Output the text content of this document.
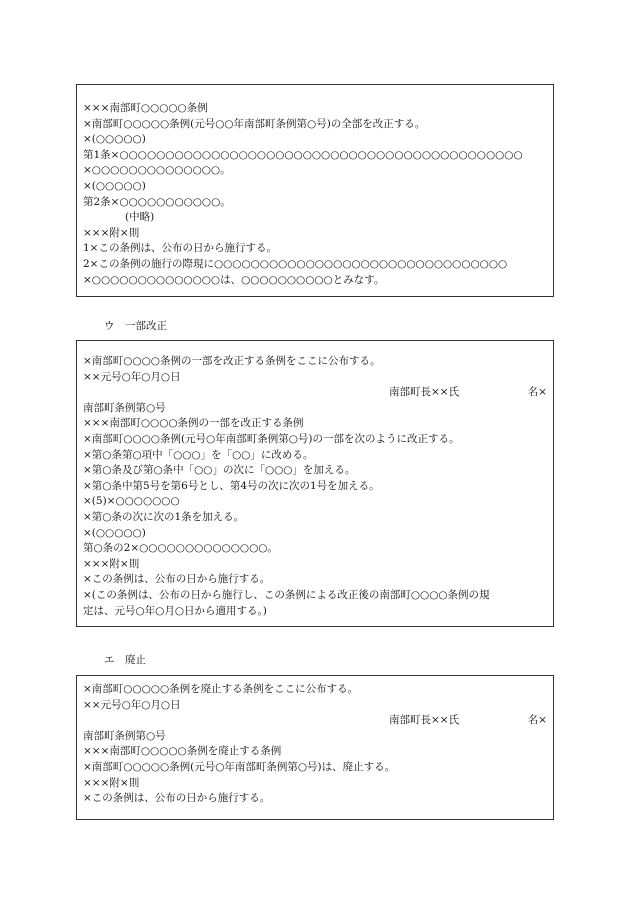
×××南部町○○○○○条例
×南部町○○○○○条例(元号○○年南部町条例第○号)の全部を改正する。
×(○○○○○)
第1条×○○○○○○○○○○○○○○○○○○○○○○○○○○○○○○○○○○○○○○○○○○○○
×○○○○○○○○○○○○○○。
×(○○○○○)
第2条×○○○○○○○○○○○。
(中略)
×××附×則
1×この条例は、公布の日から施行する。
2×この条例の施行の際現に○○○○○○○○○○○○○○○○○○○○○○○○○○○○○○○○
×○○○○○○○○○○○○○○は、○○○○○○○○○○とみなす。
ウ　一部改正
×南部町○○○○条例の一部を改正する条例をここに公布する。
××元号○年○月○日
南部町長××氏	名×
南部町条例第○号
×××南部町○○○○条例の一部を改正する条例
×南部町○○○○条例(元号○年南部町条例第○号)の一部を次のように改正する。
×第○条第○項中「○○○」を「○○」に改める。
×第○条及び第○条中「○○」の次に「○○○」を加える。
×第○条中第5号を第6号とし、第4号の次に次の1号を加える。
×(5)×○○○○○○○
×第○条の次に次の1条を加える。
×(○○○○○)
第○条の2×○○○○○○○○○○○○○○。
×××附×則
×この条例は、公布の日から施行する。
×(この条例は、公布の日から施行し、この条例による改正後の南部町○○○○条例の規
定は、元号○年○月○日から適用する。)
エ　廃止
×南部町○○○○○条例を廃止する条例をここに公布する。
××元号○年○月○日
南部町長××氏	名×
南部町条例第○号
×××南部町○○○○○条例を廃止する条例
×南部町○○○○○条例(元号○年南部町条例第○号)は、廃止する。
×××附×則
×この条例は、公布の日から施行する。
